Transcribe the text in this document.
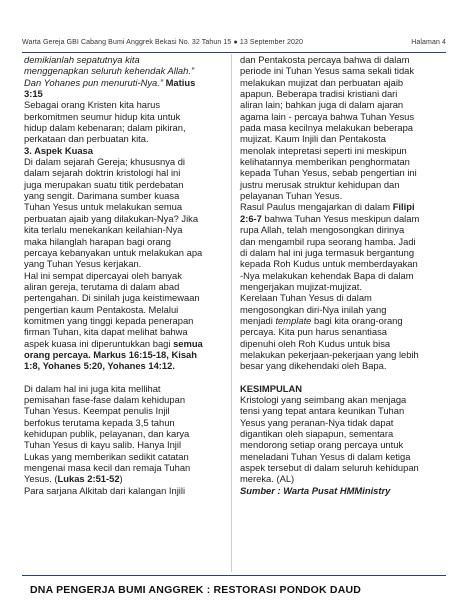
Warta Gereja GBI Cabang Bumi Anggrek Bekasi No. 32 Tahun 15 ● 13 September 2020	Halaman 4

demikianlah sepatutnya kita

menggenapkan seluruh kehendak Allah.”

Dan Yohanes pun menuruti-Nya.” Matius

3:15

Sebagai orang Kristen kita harus

berkomitmen seumur hidup kita untuk

hidup dalam kebenaran; dalam pikiran,

perkataan dan perbuatan kita.

3. Aspek Kuasa

Di dalam sejarah Gereja; khususnya di

dalam sejarah doktrin kristologi hal ini

juga merupakan suatu titik perdebatan

yang sengit. Darimana sumber kuasa

Tuhan Yesus untuk melakukan semua

perbuatan ajaib yang dilakukan-Nya? Jika

kita terlalu menekankan keilahian-Nya

maka hilanglah harapan bagi orang

percaya kebanyakan untuk melakukan apa

yang Tuhan Yesus kerjakan.

Hal ini sempat dipercayai oleh banyak

aliran gereja, terutama di dalam abad

pertengahan. Di sinilah juga keistimewaan

pengertian kaum Pentakosta. Melalui

komitmen yang tinggi kepada penerapan

firman Tuhan, kita dapat melihat bahwa

aspek kuasa ini diperuntukkan bagi semua

orang percaya. Markus 16:15-18, Kisah

1:8, Yohanes 5:20, Yohanes 14:12.

Di dalam hal ini juga kita mellihat

pemisahan fase-fase dalam kehidupan

Tuhan Yesus. Keempat penulis Injil

berfokus terutama kepada 3,5 tahun

kehidupan publik, pelayanan, dan karya

Tuhan Yesus di kayu salib. Hanya Injil

Lukas yang memberikan sedikit catatan

mengenai masa kecil dan remaja Tuhan

Yesus. (Lukas 2:51-52)

Para sarjana Alkitab dari kalangan Injili

dan Pentakosta percaya bahwa di dalam

periode ini Tuhan Yesus sama sekali tidak

melakukan mujizat dan perbuatan ajaib

apapun. Beberapa tradisi kristiani dari

aliran lain; bahkan juga di dalam ajaran

agama lain - percaya bahwa Tuhan Yesus

pada masa kecilnya melakukan beberapa

mujizat. Kaum Injili dan Pentakosta

menolak intepretasi seperti ini meskipun

kelihatannya memberikan penghormatan

kepada Tuhan Yesus, sebab pengertian ini

justru merusak struktur kehidupan dan

pelayanan Tuhan Yesus.

Rasul Paulus mengajarkan di dalam Filipi

2:6-7 bahwa Tuhan Yesus meskipun dalam

rupa Allah, telah mengosongkan dirinya

dan mengambil rupa seorang hamba. Jadi

di dalam hal ini juga termasuk bergantung

kepada Roh Kudus untuk memberdayakan

-Nya melakukan kehendak Bapa di dalam

mengerjakan mujizat-mujizat.

Kerelaan Tuhan Yesus di dalam

mengosongkan diri-Nya inilah yang

menjadi template bagi kita orang-orang

percaya. Kita pun harus senantiasa

dipenuhi oleh Roh Kudus untuk bisa

melakukan pekerjaan-pekerjaan yang lebih

besar yang dikehendaki oleh Bapa.

KESIMPULAN

Kristologi yang seimbang akan menjaga

tensi yang tepat antara keunikan Tuhan

Yesus yang peranan-Nya tidak dapat

digantikan oleh siapapun, sementara

mendorong setiap orang percaya untuk

meneladani Tuhan Yesus di dalam ketiga

aspek tersebut di dalam seluruh kehidupan

mereka. (AL)

Sumber : Warta Pusat HMMinistry

DNA PENGERJA BUMI ANGGREK : RESTORASI PONDOK DAUD
